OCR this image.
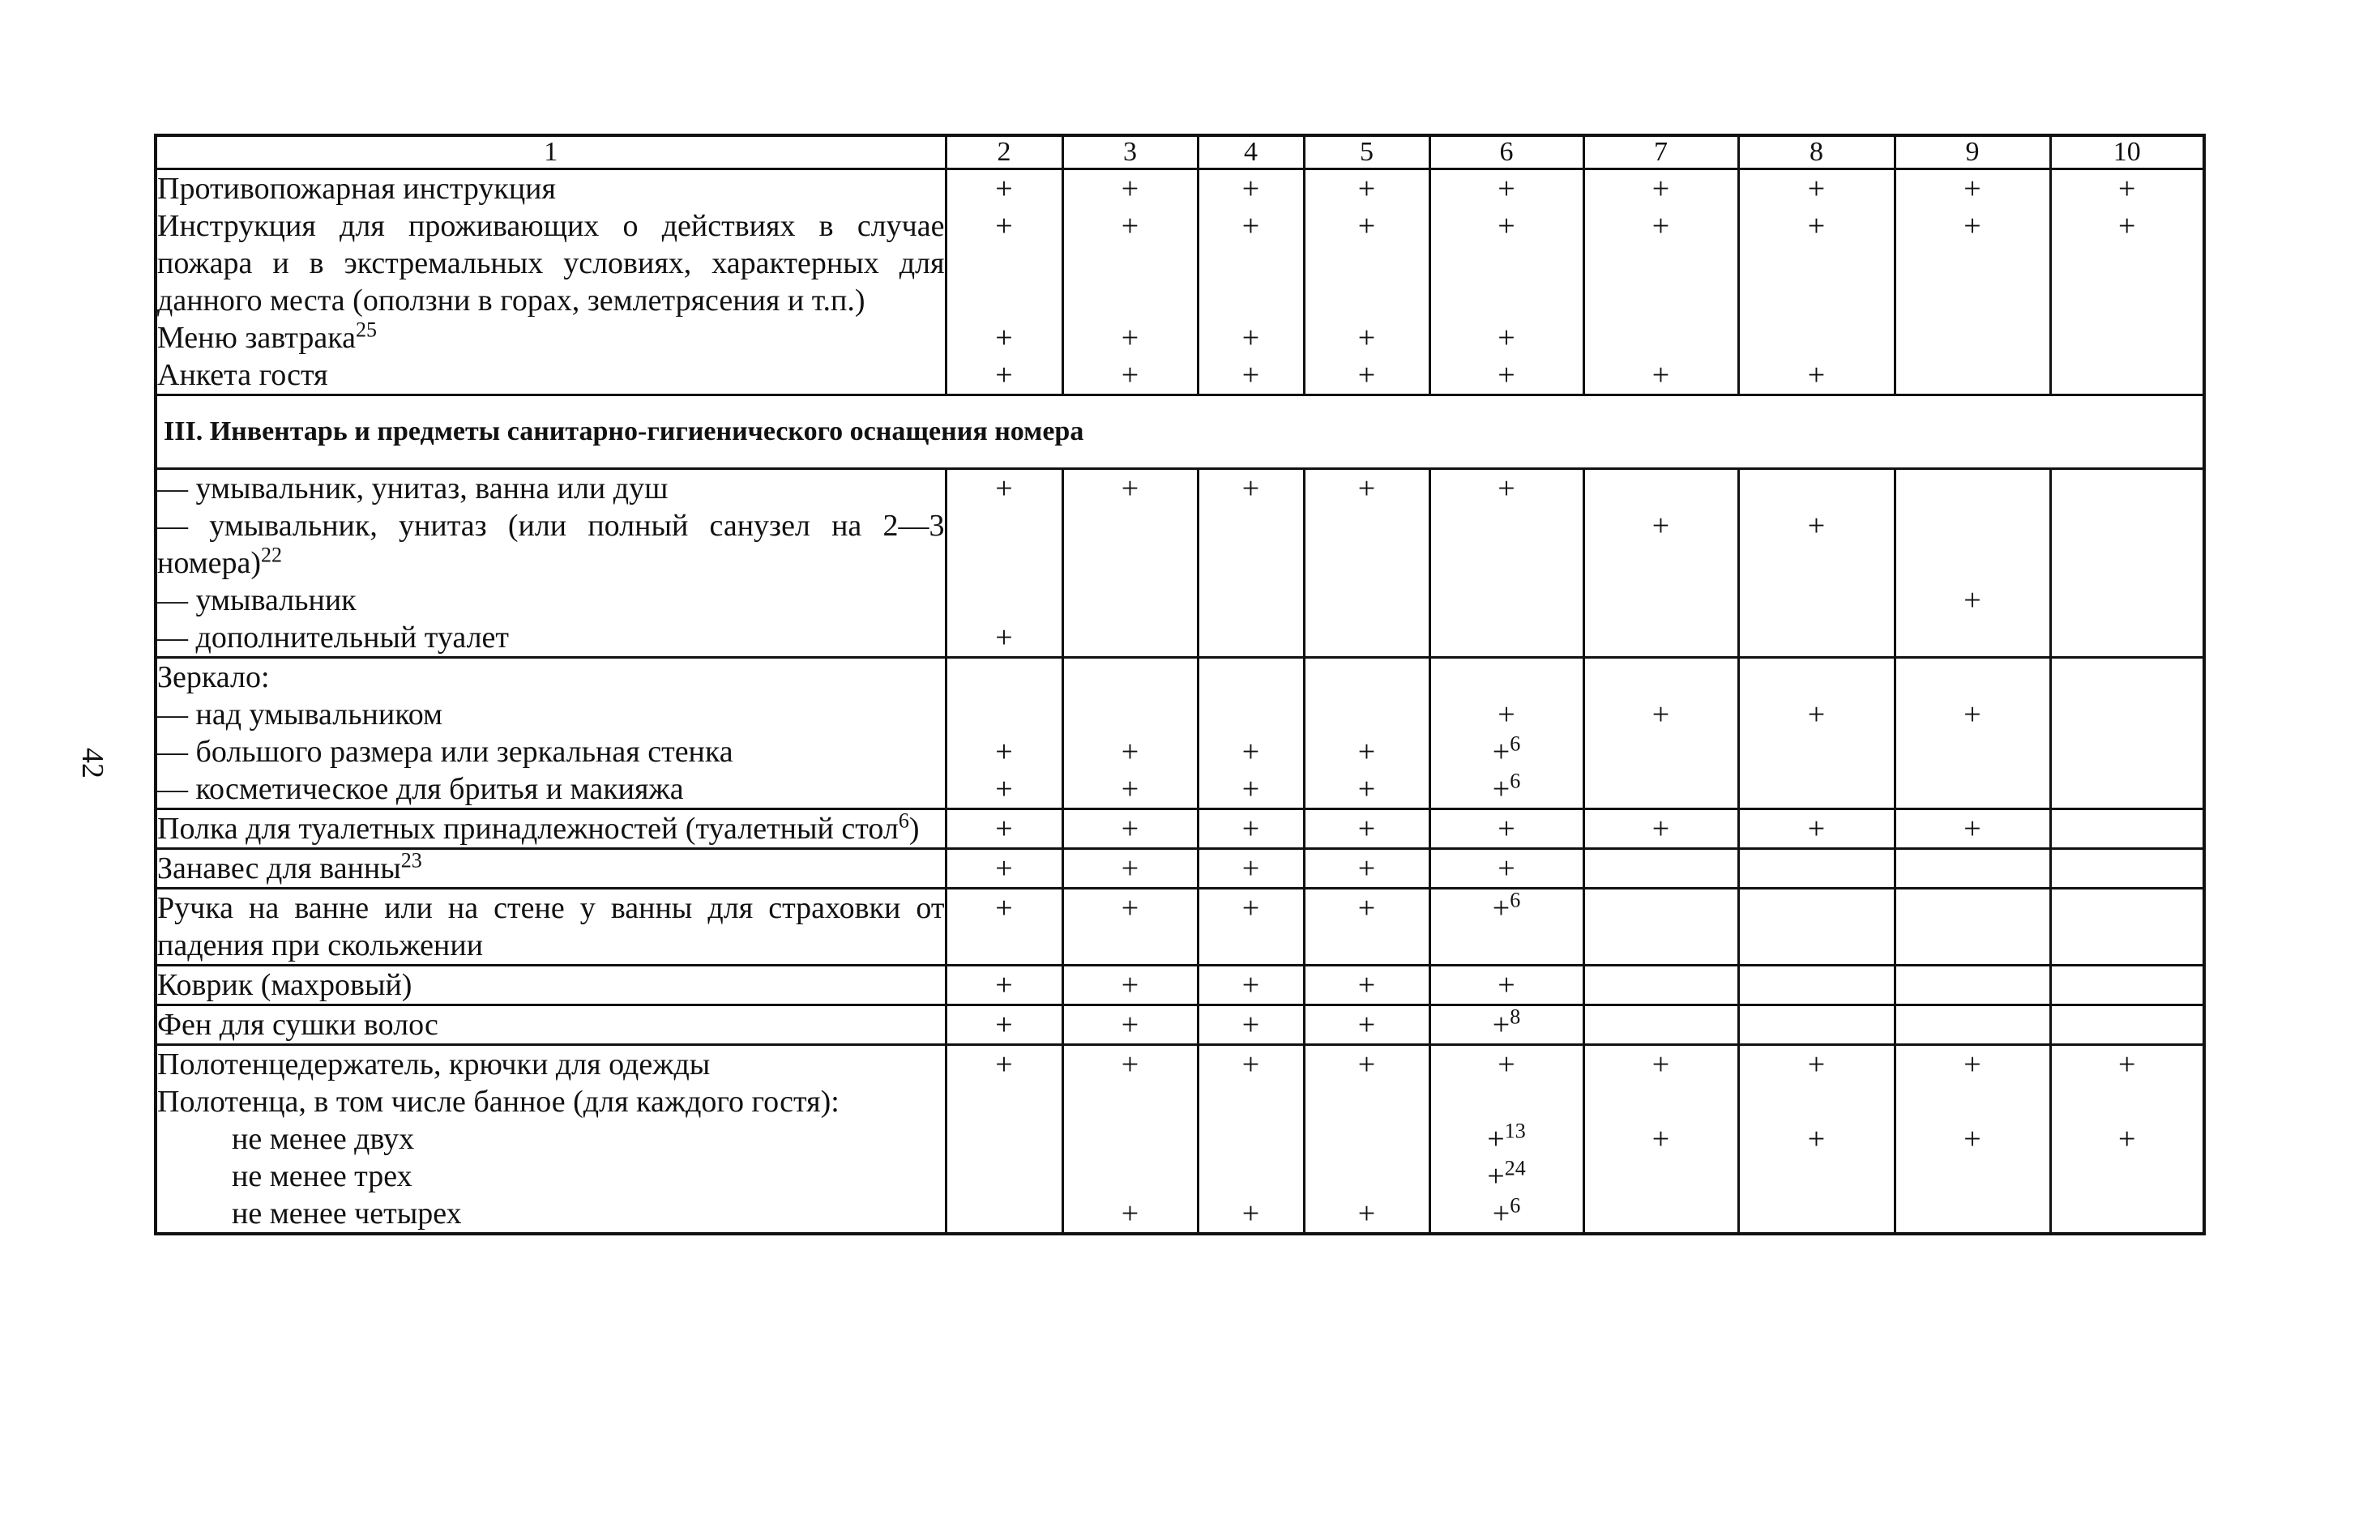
42
1	2	3	4	5	6	7	8	9	10
Противопожарная инструкция	+	+	+	+	+	+	+	+	+
Инструкция для проживающих о действиях в случае пожара и в экстремальных условиях, характерных для данного места (оползни в горах, землетрясения и т.п.)	+	+	+	+	+	+	+	+	+
Меню завтрака$^{25}$	+	+	+	+	+				
Анкета гостя	+	+	+	+	+	+	+		
III. Инвентарь и предметы санитарно-гигиенического оснащения номера									
— умывальник, унитаз, ванна или душ	+	+	+	+	+				
— умывальник, унитаз (или полный санузел на 2—3 номера)$^{22}$						+	+		
— умывальник								+	
— дополнительный туалет	+								
Зеркало:									
— над умывальником					+	+	+	+	
— большого размера или зеркальная стенка	+	+	+	+	+$^6$				
— косметическое для бритья и макияжа	+	+	+	+	+$^6$				
Полка для туалетных принадлежностей (туалетный стол$^6$)	+	+	+	+	+	+	+	+	
Занавес для ванны$^{23}$	+	+	+	+	+				
Ручка на ванне или на стене у ванны для страховки от падения при скольжении	+	+	+	+	+$^6$				
Коврик (махровый)	+	+	+	+	+				
Фен для сушки волос	+	+	+	+	+$^8$				
Полотенцедержатель, крючки для одежды	+	+	+	+	+	+	+	+	+
Полотенца, в том числе банное (для каждого гостя):									
не менее двух					+$^{13}$	+	+	+	+
не менее трех					+$^{24}$				
не менее четырех		+	+	+	+$^6$				
